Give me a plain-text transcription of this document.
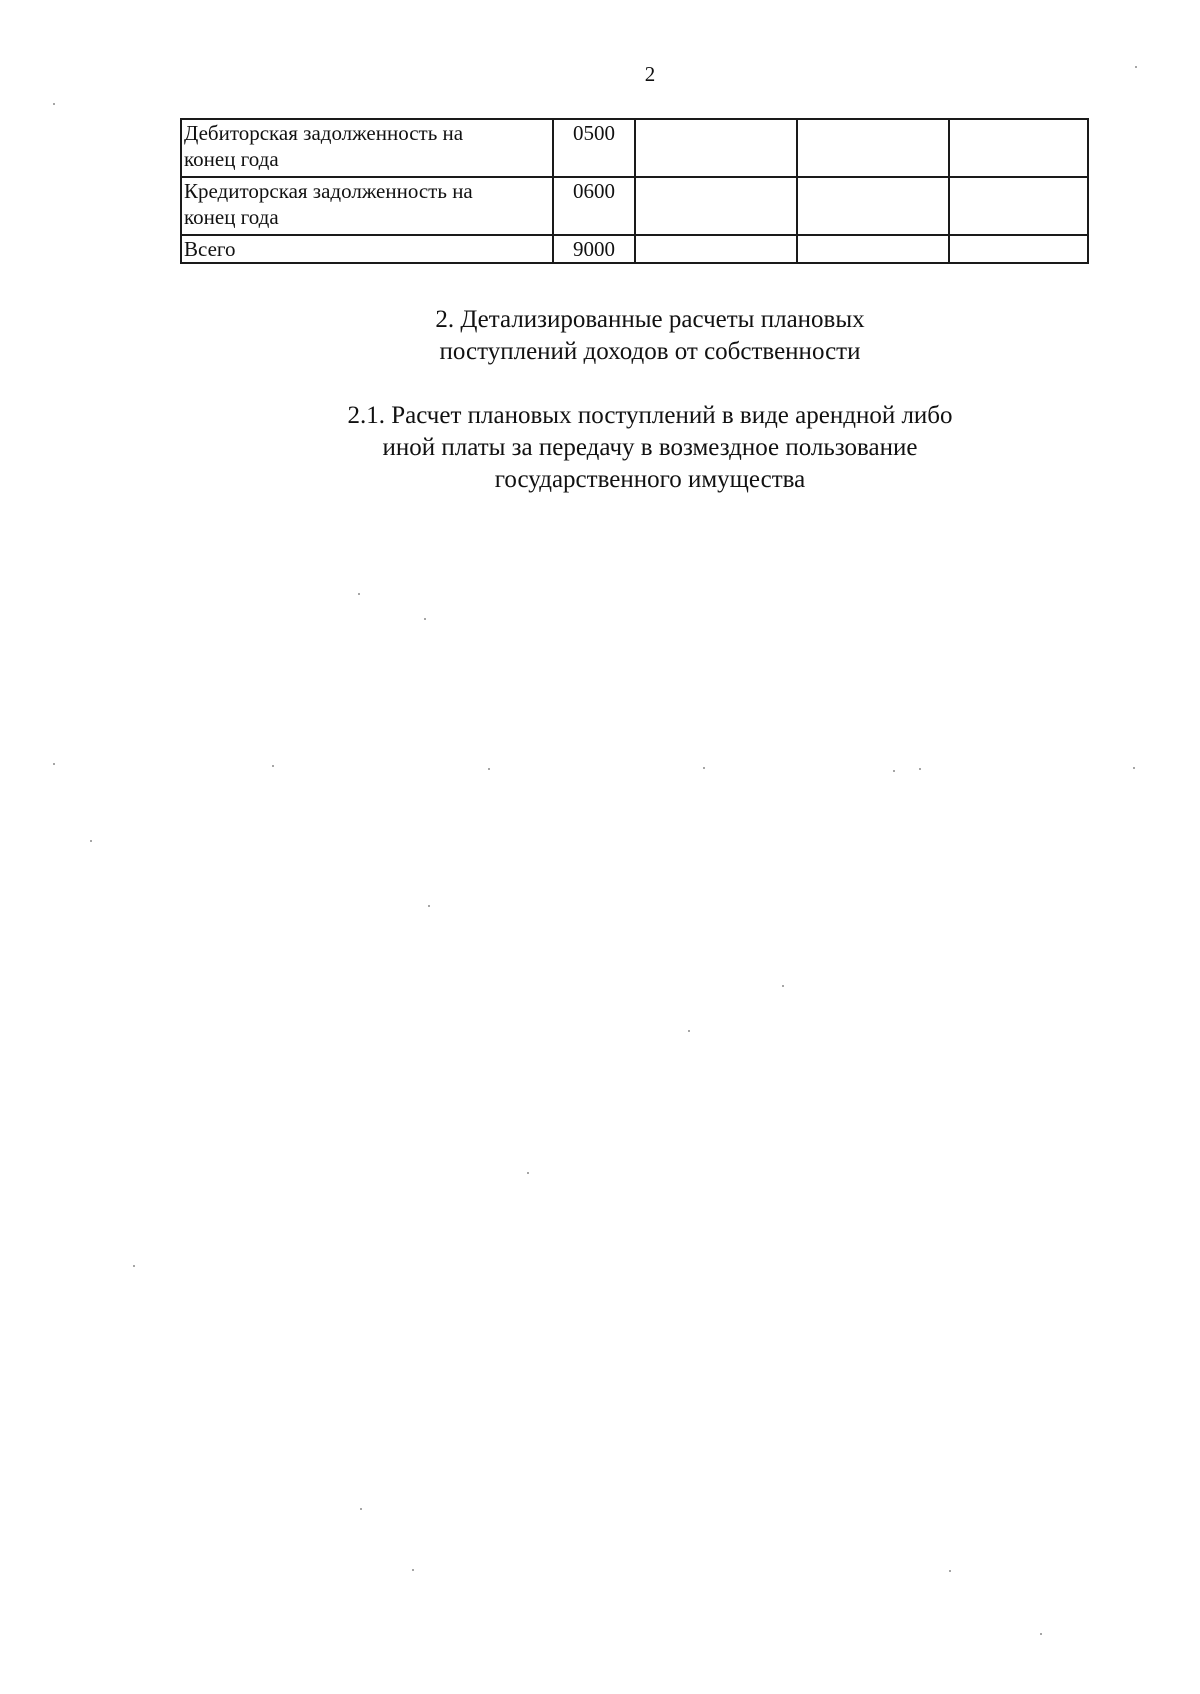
2
Дебиторская задолженность на
конец года	0500			

Кредиторская задолженность на
конец года	0600			

Всего	9000			
2. Детализированные расчеты плановых
поступлений доходов от собственности
2.1. Расчет плановых поступлений в виде арендной либо
иной платы за передачу в возмездное пользование
государственного имущества
